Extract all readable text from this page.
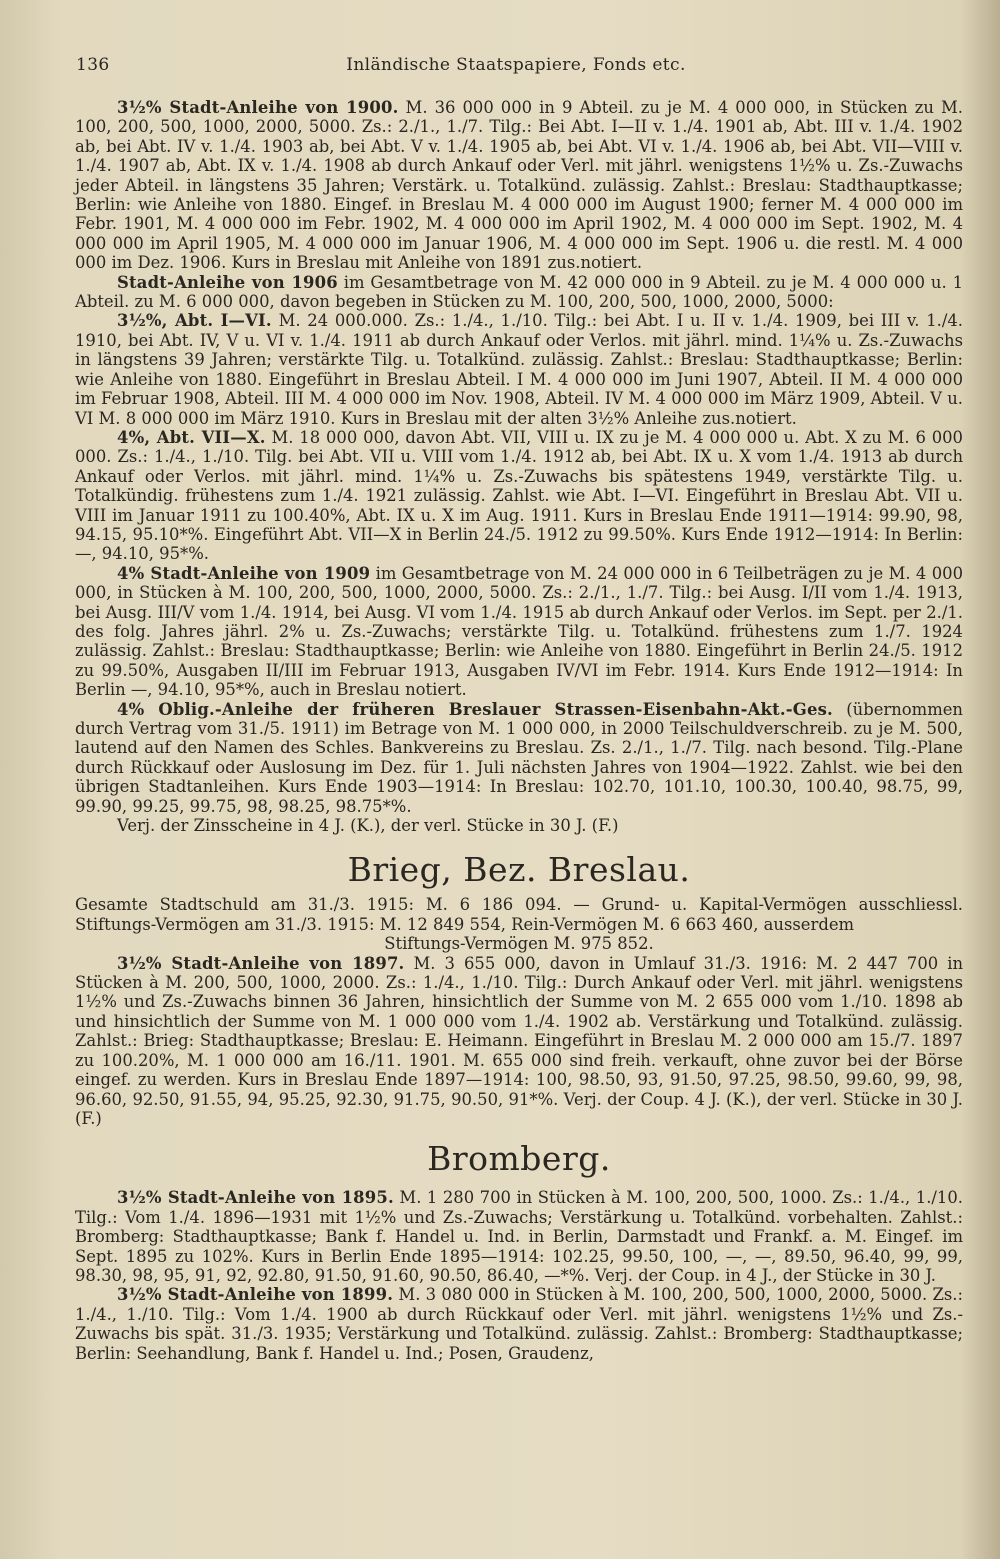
136	Inländische Staatspapiere, Fonds etc.

3½% Stadt-Anleihe von 1900. M. 36 000 000 in 9 Abteil. zu je M. 4 000 000, in Stücken zu M. 100, 200, 500, 1000, 2000, 5000. Zs.: 2./1., 1./7. Tilg.: Bei Abt. I—II v. 1./4. 1901 ab, Abt. III v. 1./4. 1902 ab, bei Abt. IV v. 1./4. 1903 ab, bei Abt. V v. 1./4. 1905 ab, bei Abt. VI v. 1./4. 1906 ab, bei Abt. VII—VIII v. 1./4. 1907 ab, Abt. IX v. 1./4. 1908 ab durch Ankauf oder Verl. mit jährl. wenigstens 1½% u. Zs.-Zuwachs jeder Abteil. in längstens 35 Jahren; Verstärk. u. Totalkünd. zulässig. Zahlst.: Breslau: Stadthauptkasse; Berlin: wie Anleihe von 1880. Eingef. in Breslau M. 4 000 000 im August 1900; ferner M. 4 000 000 im Febr. 1901, M. 4 000 000 im Febr. 1902, M. 4 000 000 im April 1902, M. 4 000 000 im Sept. 1902, M. 4 000 000 im April 1905, M. 4 000 000 im Januar 1906, M. 4 000 000 im Sept. 1906 u. die restl. M. 4 000 000 im Dez. 1906. Kurs in Breslau mit Anleihe von 1891 zus.notiert.

Stadt-Anleihe von 1906 im Gesamtbetrage von M. 42 000 000 in 9 Abteil. zu je M. 4 000 000 u. 1 Abteil. zu M. 6 000 000, davon begeben in Stücken zu M. 100, 200, 500, 1000, 2000, 5000:

3½%, Abt. I—VI. M. 24 000.000. Zs.: 1./4., 1./10. Tilg.: bei Abt. I u. II v. 1./4. 1909, bei III v. 1./4. 1910, bei Abt. IV, V u. VI v. 1./4. 1911 ab durch Ankauf oder Verlos. mit jährl. mind. 1¼% u. Zs.-Zuwachs in längstens 39 Jahren; verstärkte Tilg. u. Totalkünd. zulässig. Zahlst.: Breslau: Stadthauptkasse; Berlin: wie Anleihe von 1880. Eingeführt in Breslau Abteil. I M. 4 000 000 im Juni 1907, Abteil. II M. 4 000 000 im Februar 1908, Abteil. III M. 4 000 000 im Nov. 1908, Abteil. IV M. 4 000 000 im März 1909, Abteil. V u. VI M. 8 000 000 im März 1910. Kurs in Breslau mit der alten 3½% Anleihe zus.notiert.

4%, Abt. VII—X. M. 18 000 000, davon Abt. VII, VIII u. IX zu je M. 4 000 000 u. Abt. X zu M. 6 000 000. Zs.: 1./4., 1./10. Tilg. bei Abt. VII u. VIII vom 1./4. 1912 ab, bei Abt. IX u. X vom 1./4. 1913 ab durch Ankauf oder Verlos. mit jährl. mind. 1¼% u. Zs.-Zuwachs bis spätestens 1949, verstärkte Tilg. u. Totalkündig. frühestens zum 1./4. 1921 zulässig. Zahlst. wie Abt. I—VI. Eingeführt in Breslau Abt. VII u. VIII im Januar 1911 zu 100.40%, Abt. IX u. X im Aug. 1911. Kurs in Breslau Ende 1911—1914: 99.90, 98, 94.15, 95.10*%. Eingeführt Abt. VII—X in Berlin 24./5. 1912 zu 99.50%. Kurs Ende 1912—1914: In Berlin: —, 94.10, 95*%.

4% Stadt-Anleihe von 1909 im Gesamtbetrage von M. 24 000 000 in 6 Teilbeträgen zu je M. 4 000 000, in Stücken à M. 100, 200, 500, 1000, 2000, 5000. Zs.: 2./1., 1./7. Tilg.: bei Ausg. I/II vom 1./4. 1913, bei Ausg. III/V vom 1./4. 1914, bei Ausg. VI vom 1./4. 1915 ab durch Ankauf oder Verlos. im Sept. per 2./1. des folg. Jahres jährl. 2% u. Zs.-Zuwachs; verstärkte Tilg. u. Totalkünd. frühestens zum 1./7. 1924 zulässig. Zahlst.: Breslau: Stadthauptkasse; Berlin: wie Anleihe von 1880. Eingeführt in Berlin 24./5. 1912 zu 99.50%, Ausgaben II/III im Februar 1913, Ausgaben IV/VI im Febr. 1914. Kurs Ende 1912—1914: In Berlin —, 94.10, 95*%, auch in Breslau notiert.

4% Oblig.-Anleihe der früheren Breslauer Strassen-Eisenbahn-Akt.-Ges. (übernommen durch Vertrag vom 31./5. 1911) im Betrage von M. 1 000 000, in 2000 Teilschuldverschreib. zu je M. 500, lautend auf den Namen des Schles. Bankvereins zu Breslau. Zs. 2./1., 1./7. Tilg. nach besond. Tilg.-Plane durch Rückkauf oder Auslosung im Dez. für 1. Juli nächsten Jahres von 1904—1922. Zahlst. wie bei den übrigen Stadtanleihen. Kurs Ende 1903—1914: In Breslau: 102.70, 101.10, 100.30, 100.40, 98.75, 99, 99.90, 99.25, 99.75, 98, 98.25, 98.75*%.

Verj. der Zinsscheine in 4 J. (K.), der verl. Stücke in 30 J. (F.)

Brieg, Bez. Breslau.

Gesamte Stadtschuld am 31./3. 1915: M. 6 186 094. — Grund- u. Kapital-Vermögen ausschliessl. Stiftungs-Vermögen am 31./3. 1915: M. 12 849 554, Rein-Vermögen M. 6 663 460, ausserdem

Stiftungs-Vermögen M. 975 852.

3½% Stadt-Anleihe von 1897. M. 3 655 000, davon in Umlauf 31./3. 1916: M. 2 447 700 in Stücken à M. 200, 500, 1000, 2000. Zs.: 1./4., 1./10. Tilg.: Durch Ankauf oder Verl. mit jährl. wenigstens 1½% und Zs.-Zuwachs binnen 36 Jahren, hinsichtlich der Summe von M. 2 655 000 vom 1./10. 1898 ab und hinsichtlich der Summe von M. 1 000 000 vom 1./4. 1902 ab. Verstärkung und Totalkünd. zulässig. Zahlst.: Brieg: Stadthauptkasse; Breslau: E. Heimann. Eingeführt in Breslau M. 2 000 000 am 15./7. 1897 zu 100.20%, M. 1 000 000 am 16./11. 1901. M. 655 000 sind freih. verkauft, ohne zuvor bei der Börse eingef. zu werden. Kurs in Breslau Ende 1897—1914: 100, 98.50, 93, 91.50, 97.25, 98.50, 99.60, 99, 98, 96.60, 92.50, 91.55, 94, 95.25, 92.30, 91.75, 90.50, 91*%. Verj. der Coup. 4 J. (K.), der verl. Stücke in 30 J. (F.)

Bromberg.

3½% Stadt-Anleihe von 1895. M. 1 280 700 in Stücken à M. 100, 200, 500, 1000. Zs.: 1./4., 1./10. Tilg.: Vom 1./4. 1896—1931 mit 1½% und Zs.-Zuwachs; Verstärkung u. Totalkünd. vorbehalten. Zahlst.: Bromberg: Stadthauptkasse; Bank f. Handel u. Ind. in Berlin, Darmstadt und Frankf. a. M. Eingef. im Sept. 1895 zu 102%. Kurs in Berlin Ende 1895—1914: 102.25, 99.50, 100, —, —, 89.50, 96.40, 99, 99, 98.30, 98, 95, 91, 92, 92.80, 91.50, 91.60, 90.50, 86.40, —*%. Verj. der Coup. in 4 J., der Stücke in 30 J.

3½% Stadt-Anleihe von 1899. M. 3 080 000 in Stücken à M. 100, 200, 500, 1000, 2000, 5000. Zs.: 1./4., 1./10. Tilg.: Vom 1./4. 1900 ab durch Rückkauf oder Verl. mit jährl. wenigstens 1½% und Zs.-Zuwachs bis spät. 31./3. 1935; Verstärkung und Totalkünd. zulässig. Zahlst.: Bromberg: Stadthauptkasse; Berlin: Seehandlung, Bank f. Handel u. Ind.; Posen, Graudenz,
